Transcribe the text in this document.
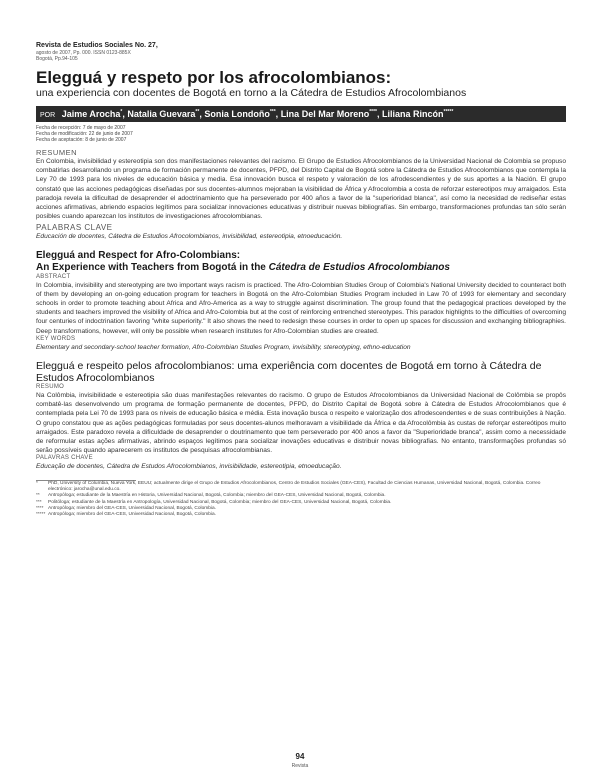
Revista de Estudios Sociales No. 27,
agosto de 2007, Pp. 000. ISSN 0123-885X
Bogotá, Pp.94-105
Elegguá y respeto por los afrocolombianos:
una experiencia con docentes de Bogotá en torno a la Cátedra de Estudios Afrocolombianos
POR Jaime Arocha*, Natalia Guevara**, Sonia Londoño***, Lina Del Mar Moreno****, Liliana Rincón*****
Fecha de recepción: 7 de mayo de 2007
Fecha de modificación: 22 de junio de 2007
Fecha de aceptación: 8 de junio de 2007
RESUMEN
En Colombia, invisibilidad y estereotipia son dos manifestaciones relevantes del racismo. El Grupo de Estudios Afrocolombianos de la Universidad Nacional de Colombia se propuso combatirlas desarrollando un programa de formación permanente de docentes, PFPD, del Distrito Capital de Bogotá sobre la Cátedra de Estudios Afrocolombianos que contempla la Ley 70 de 1993 para los niveles de educación básica y media. Esa innovación busca el respeto y valoración de los afrodescendientes y de sus aportes a la Nación. El grupo constató que las acciones pedagógicas diseñadas por sus docentes-alumnos mejoraban la visibilidad de África y Afrocolombia a costa de reforzar estereotipos muy arraigados. Esta paradoja revela la dificultad de desaprender el adoctrinamiento que ha perseverado por 400 años a favor de la "superioridad blanca", así como la necesidad de rediseñar estas acciones afirmativas, abriendo espacios legítimos para socializar innovaciones educativas y distribuir nuevas bibliografías. Sin embargo, transformaciones profundas tan sólo serán posibles cuando aparezcan los institutos de investigaciones afrocolombianas.
PALABRAS CLAVE
Educación de docentes, Cátedra de Estudios Afrocolombianos, invisibilidad, estereotipia, etnoeducación.
Elegguá and Respect for Afro-Colombians:
An Experience with Teachers from Bogotá in the Cátedra de Estudios Afrocolombianos
ABSTRACT
In Colombia, invisibility and stereotyping are two important ways racism is practiced. The Afro-Colombian Studies Group of Colombia's National University decided to counteract both of them by developing an on-going education program for teachers in Bogotá on the Afro-Colombian Studies Program included in Law 70 of 1993 for elementary and secondary schools in order to promote teaching about Africa and Afro-America as a way to struggle against discrimination. The group found that the pedagogical practices developed by the students and teachers improved the visibility of Africa and Afro-Colombia but at the cost of reinforcing entrenched stereotypes. This paradox highlights to the difficulties of overcoming four centuries of indoctrination favoring "white superiority." It also shows the need to redesign these courses in order to open up spaces for discussion and exchanging bibliographies. Deep transformations, however, will only be possible when research institutes for Afro-Colombian studies are created.
KEY WORDS
Elementary and secondary-school teacher formation, Afro-Colombian Studies Program, invisibility, stereotyping, ethno-education
Elegguá e respeito pelos afrocolombianos: uma experiência com docentes de Bogotá em torno à Cátedra de Estudos Afrocolombianos
RESUMO
Na Colômbia, invisibilidade e estereotipia são duas manifestações relevantes do racismo. O grupo de Estudos Afrocolombianos da Universidad Nacional de Colômbia se propôs combatê-las desenvolvendo um programa de formação permanente de docentes, PFPD, do Distrito Capital de Bogotá sobre à Cátedra de Estudos Afrocolombianos que é contemplada pela Lei 70 de 1993 para os níveis de educação básica e média. Esta inovação busca o respeito e valorização dos afrodescendentes e de suas contribuições à Nação. O grupo constatou que as ações pedagógicas formuladas por seus docentes-alunos melhoravam a visibilidade da África e da Afrocolômbia às custas de reforçar estereótipos muito arraigados. Este paradoxo revela a dificuldade de desaprender o doutrinamento que tem perseverado por 400 anos a favor da "Superioridade branca", assim como a necessidade de reformular estas ações afirmativas, abrindo espaços legítimos para socializar inovações educativas e distribuir novas bibliografias. No entanto, transformações profundas só serão possíveis quando aparecerem os institutos de pesquisas afrocolombianas.
PALAVRAS CHAVE
Educação de docentes, Cátedra de Estudos Afrocolombianos, invisibilidade, estereotipia, etnoeducação.
*	PhD, University of Columbia, Nueva York, EEUU; actualmente dirige el Grupo de Estudios Afrocolombianos, Centro de Estudios Sociales (GEA-CES), Facultad de Ciencias Humanas, Universidad Nacional, Bogotá, Colombia. Correo electrónico: jarocha@unal.edu.co.
**	Antropóloga; estudiante de la Maestría en Historia, Universidad Nacional, Bogotá, Colombia; miembro del GEA-CES, Universidad Nacional, Bogotá, Colombia.
***	Politóloga; estudiante de la Maestría en Antropología, Universidad Nacional, Bogotá, Colombia; miembro del GEA-CES, Universidad Nacional, Bogotá, Colombia.
**** Antropóloga; miembro del GEA-CES, Universidad Nacional, Bogotá, Colombia.
***** Antropóloga; miembro del GEA-CES, Universidad Nacional, Bogotá, Colombia.
94
Revista
